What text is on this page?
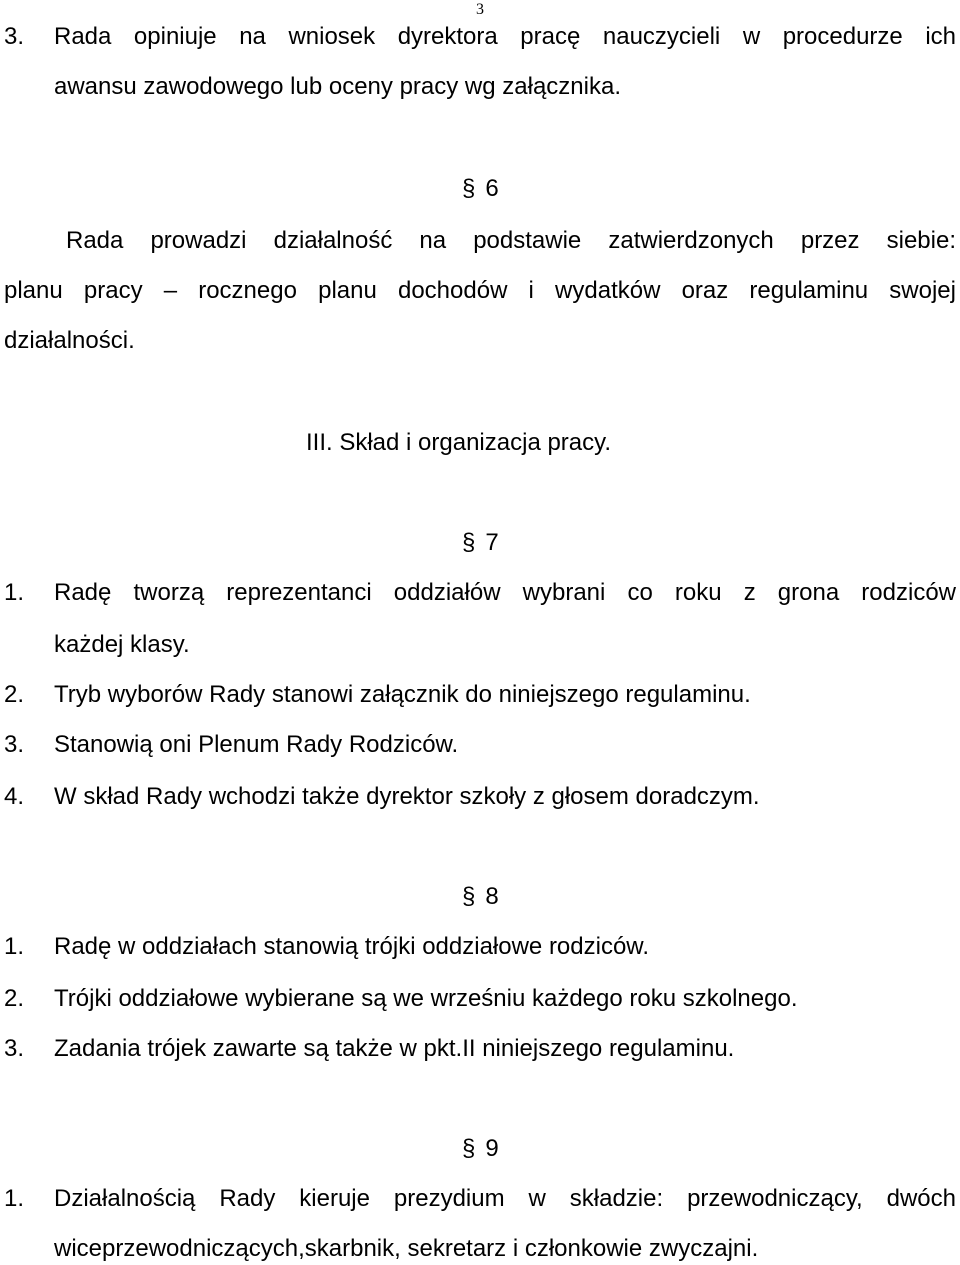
3
3. Rada opiniuje na wniosek dyrektora pracę nauczycieli w procedurze ich
awansu zawodowego lub oceny pracy wg załącznika.
§ 6
Rada prowadzi działalność na podstawie zatwierdzonych przez siebie:
planu pracy – rocznego planu dochodów i wydatków oraz regulaminu swojej
działalności.
III. Skład i organizacja pracy.
§ 7
1. Radę tworzą reprezentanci oddziałów wybrani co roku z grona rodziców
każdej klasy.
2. Tryb wyborów Rady stanowi załącznik do niniejszego regulaminu.
3. Stanowią oni Plenum Rady Rodziców.
4. W skład Rady wchodzi także dyrektor szkoły z głosem doradczym.
§ 8
1. Radę w oddziałach stanowią trójki oddziałowe rodziców.
2. Trójki oddziałowe wybierane są we wrześniu każdego roku szkolnego.
3. Zadania trójek zawarte są także w pkt.II niniejszego regulaminu.
§ 9
1. Działalnością Rady kieruje prezydium w składzie: przewodniczący, dwóch
wiceprzewodniczących,skarbnik, sekretarz i członkowie zwyczajni.
